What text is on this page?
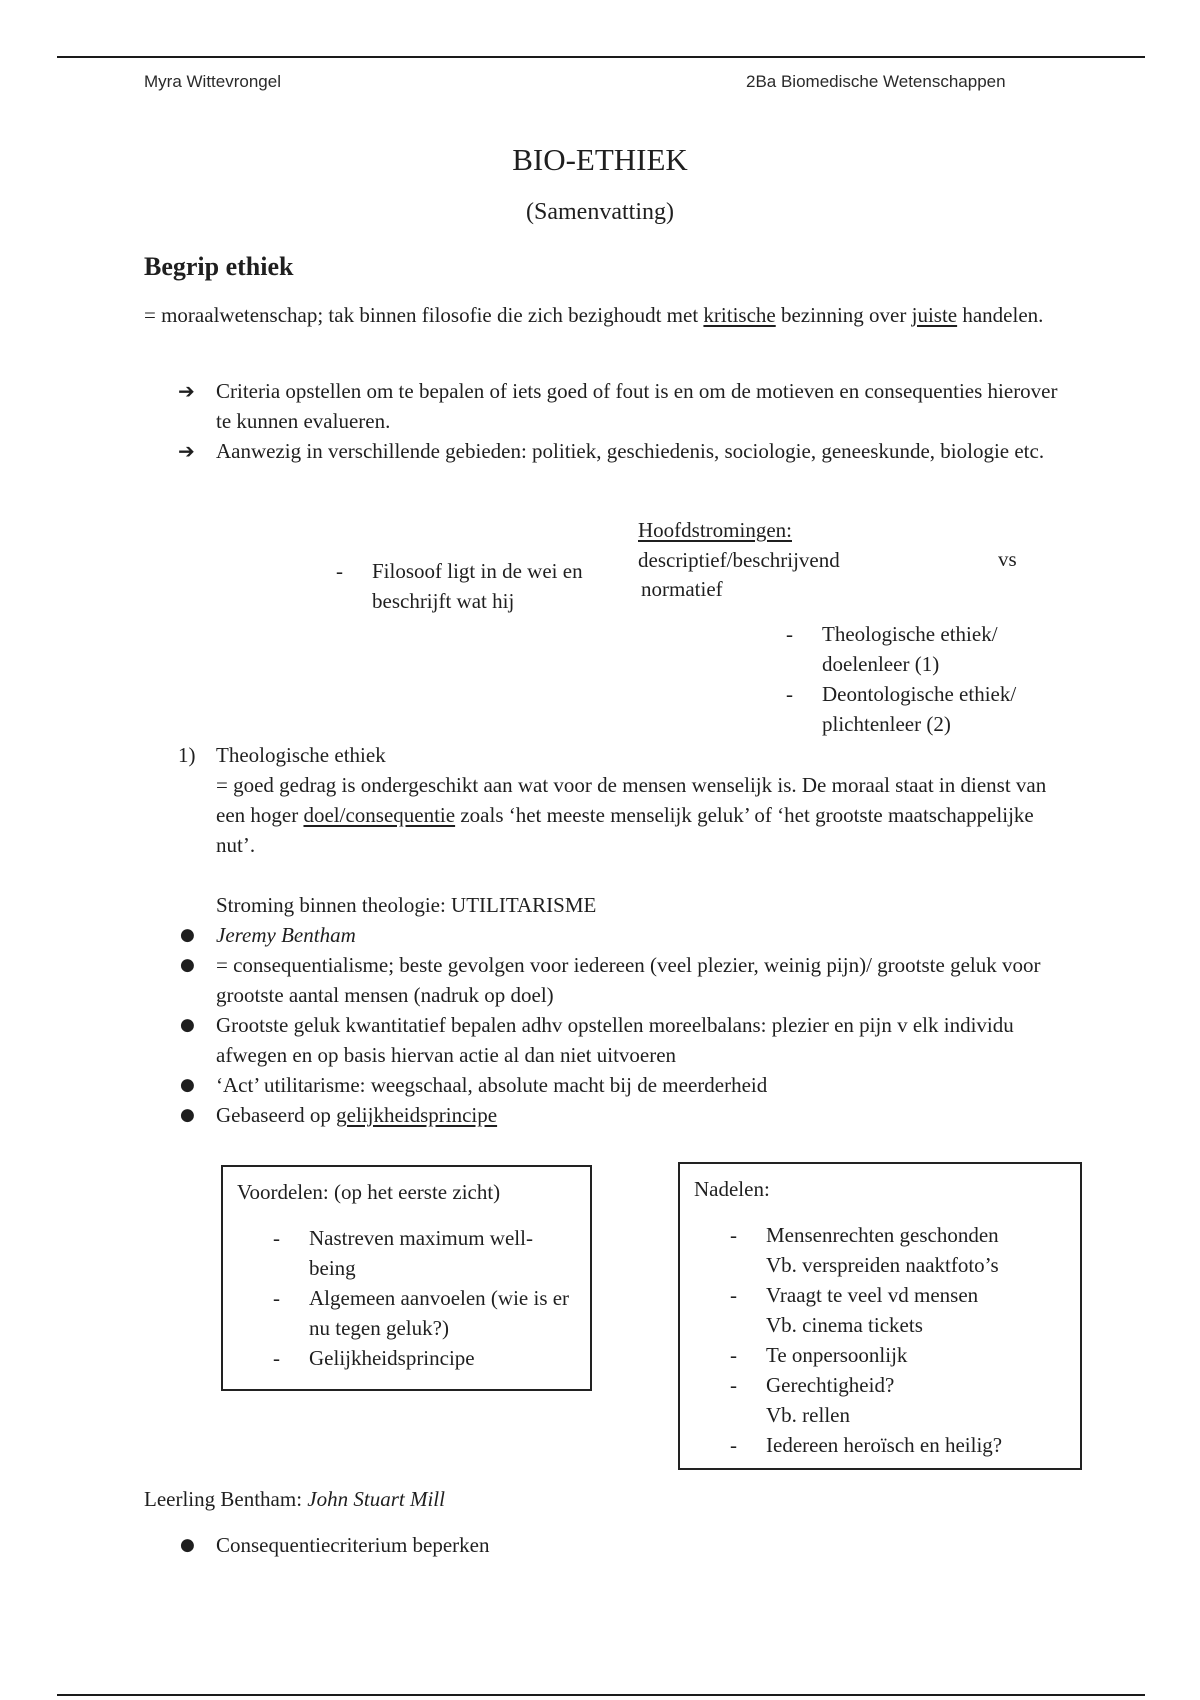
Myra Wittevrongel	2Ba Biomedische Wetenschappen
BIO-ETHIEK
(Samenvatting)
Begrip ethiek
= moraalwetenschap; tak binnen filosofie die zich bezighoudt met kritische bezinning over juiste handelen.
➔ Criteria opstellen om te bepalen of iets goed of fout is en om de motieven en consequenties hierover te kunnen evalueren.
➔ Aanwezig in verschillende gebieden: politiek, geschiedenis, sociologie, geneeskunde, biologie etc.
- Filosoof ligt in de wei en beschrijft wat hij
Hoofdstromingen:
descriptief/beschrijvend	vs
normatief
- Theologische ethiek/ doelenleer (1)
- Deontologische ethiek/ plichtenleer (2)
1) Theologische ethiek
= goed gedrag is ondergeschikt aan wat voor de mensen wenselijk is. De moraal staat in dienst van een hoger doel/consequentie zoals ‘het meeste menselijk geluk’ of ‘het grootste maatschappelijke nut’.
Stroming binnen theologie: UTILITARISME
● Jeremy Bentham
● = consequentialisme; beste gevolgen voor iedereen (veel plezier, weinig pijn)/ grootste geluk voor grootste aantal mensen (nadruk op doel)
● Grootste geluk kwantitatief bepalen adhv opstellen moreelbalans: plezier en pijn v elk individu afwegen en op basis hiervan actie al dan niet uitvoeren
● ‘Act’ utilitarisme: weegschaal, absolute macht bij de meerderheid
● Gebaseerd op gelijkheidsprincipe
Voordelen: (op het eerste zicht)
- Nastreven maximum well-being
- Algemeen aanvoelen (wie is er nu tegen geluk?)
- Gelijkheidsprincipe
Nadelen:
- Mensenrechten geschonden
Vb. verspreiden naaktfoto’s
- Vraagt te veel vd mensen
Vb. cinema tickets
- Te onpersoonlijk
- Gerechtigheid?
Vb. rellen
- Iedereen heroïsch en heilig?
Leerling Bentham: John Stuart Mill
● Consequentiecriterium beperken
